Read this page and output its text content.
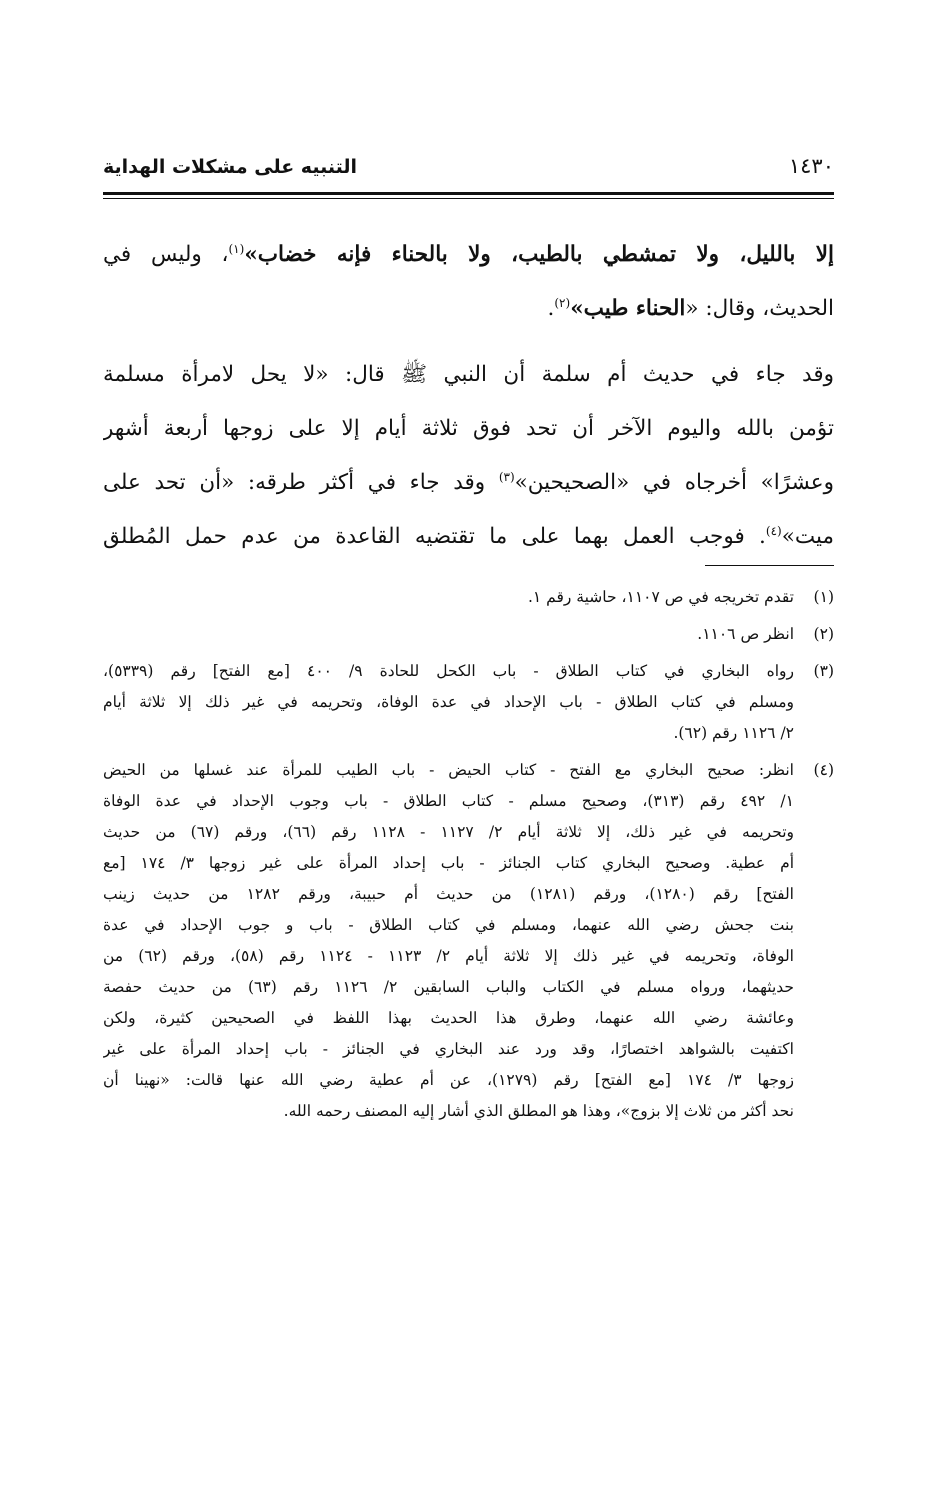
التنبيه على مشكلات الهداية	١٤٣٠
إلا بالليل، ولا تمشطي بالطيب، ولا بالحناء فإنه خضاب»$^{(١)}$، وليس في
الحديث، وقال: «الحناء طيب»$^{(٢)}$.
وقد جاء في حديث أم سلمة أن النبي ﷺ قال: «لا يحل لامرأة مسلمة
تؤمن بالله واليوم الآخر أن تحد فوق ثلاثة أيام إلا على زوجها أربعة أشهر
وعشرًا» أخرجاه في «الصحيحين»$^{(٣)}$ وقد جاء في أكثر طرقه: «أن تحد على
ميت»$^{(٤)}$. فوجب العمل بهما على ما تقتضيه القاعدة من عدم حمل المُطلق
(١)
تقدم تخريجه في ص ١١٠٧، حاشية رقم ١.
(٢)
انظر ص ١١٠٦.
(٣)
رواه البخاري في كتاب الطلاق - باب الكحل للحادة ٩/ ٤٠٠ [مع الفتح] رقم (٥٣٣٩)،
ومسلم في كتاب الطلاق - باب الإحداد في عدة الوفاة، وتحريمه في غير ذلك إلا ثلاثة أيام
٢/ ١١٢٦ رقم (٦٢).
(٤)
انظر: صحيح البخاري مع الفتح - كتاب الحيض - باب الطيب للمرأة عند غسلها من الحيض
١/ ٤٩٢ رقم (٣١٣)، وصحيح مسلم - كتاب الطلاق - باب وجوب الإحداد في عدة الوفاة
وتحريمه في غير ذلك، إلا ثلاثة أيام ٢/ ١١٢٧ - ١١٢٨ رقم (٦٦)، ورقم (٦٧) من حديث
أم عطية. وصحيح البخاري كتاب الجنائز - باب إحداد المرأة على غير زوجها ٣/ ١٧٤ [مع
الفتح] رقم (١٢٨٠)، ورقم (١٢٨١) من حديث أم حبيبة، ورقم ١٢٨٢ من حديث زينب
بنت جحش رضي الله عنهما، ومسلم في كتاب الطلاق - باب و جوب الإحداد في عدة
الوفاة، وتحريمه في غير ذلك إلا ثلاثة أيام ٢/ ١١٢٣ - ١١٢٤ رقم (٥٨)، ورقم (٦٢) من
حديثهما، ورواه مسلم في الكتاب والباب السابقين ٢/ ١١٢٦ رقم (٦٣) من حديث حفصة
وعائشة رضي الله عنهما، وطرق هذا الحديث بهذا اللفظ في الصحيحين كثيرة، ولكن
اكتفيت بالشواهد اختصارًا، وقد ورد عند البخاري في الجنائز - باب إحداد المرأة على غير
زوجها ٣/ ١٧٤ [مع الفتح] رقم (١٢٧٩)، عن أم عطية رضي الله عنها قالت: «نهينا أن
نحد أكثر من ثلاث إلا بزوج»، وهذا هو المطلق الذي أشار إليه المصنف رحمه الله.
